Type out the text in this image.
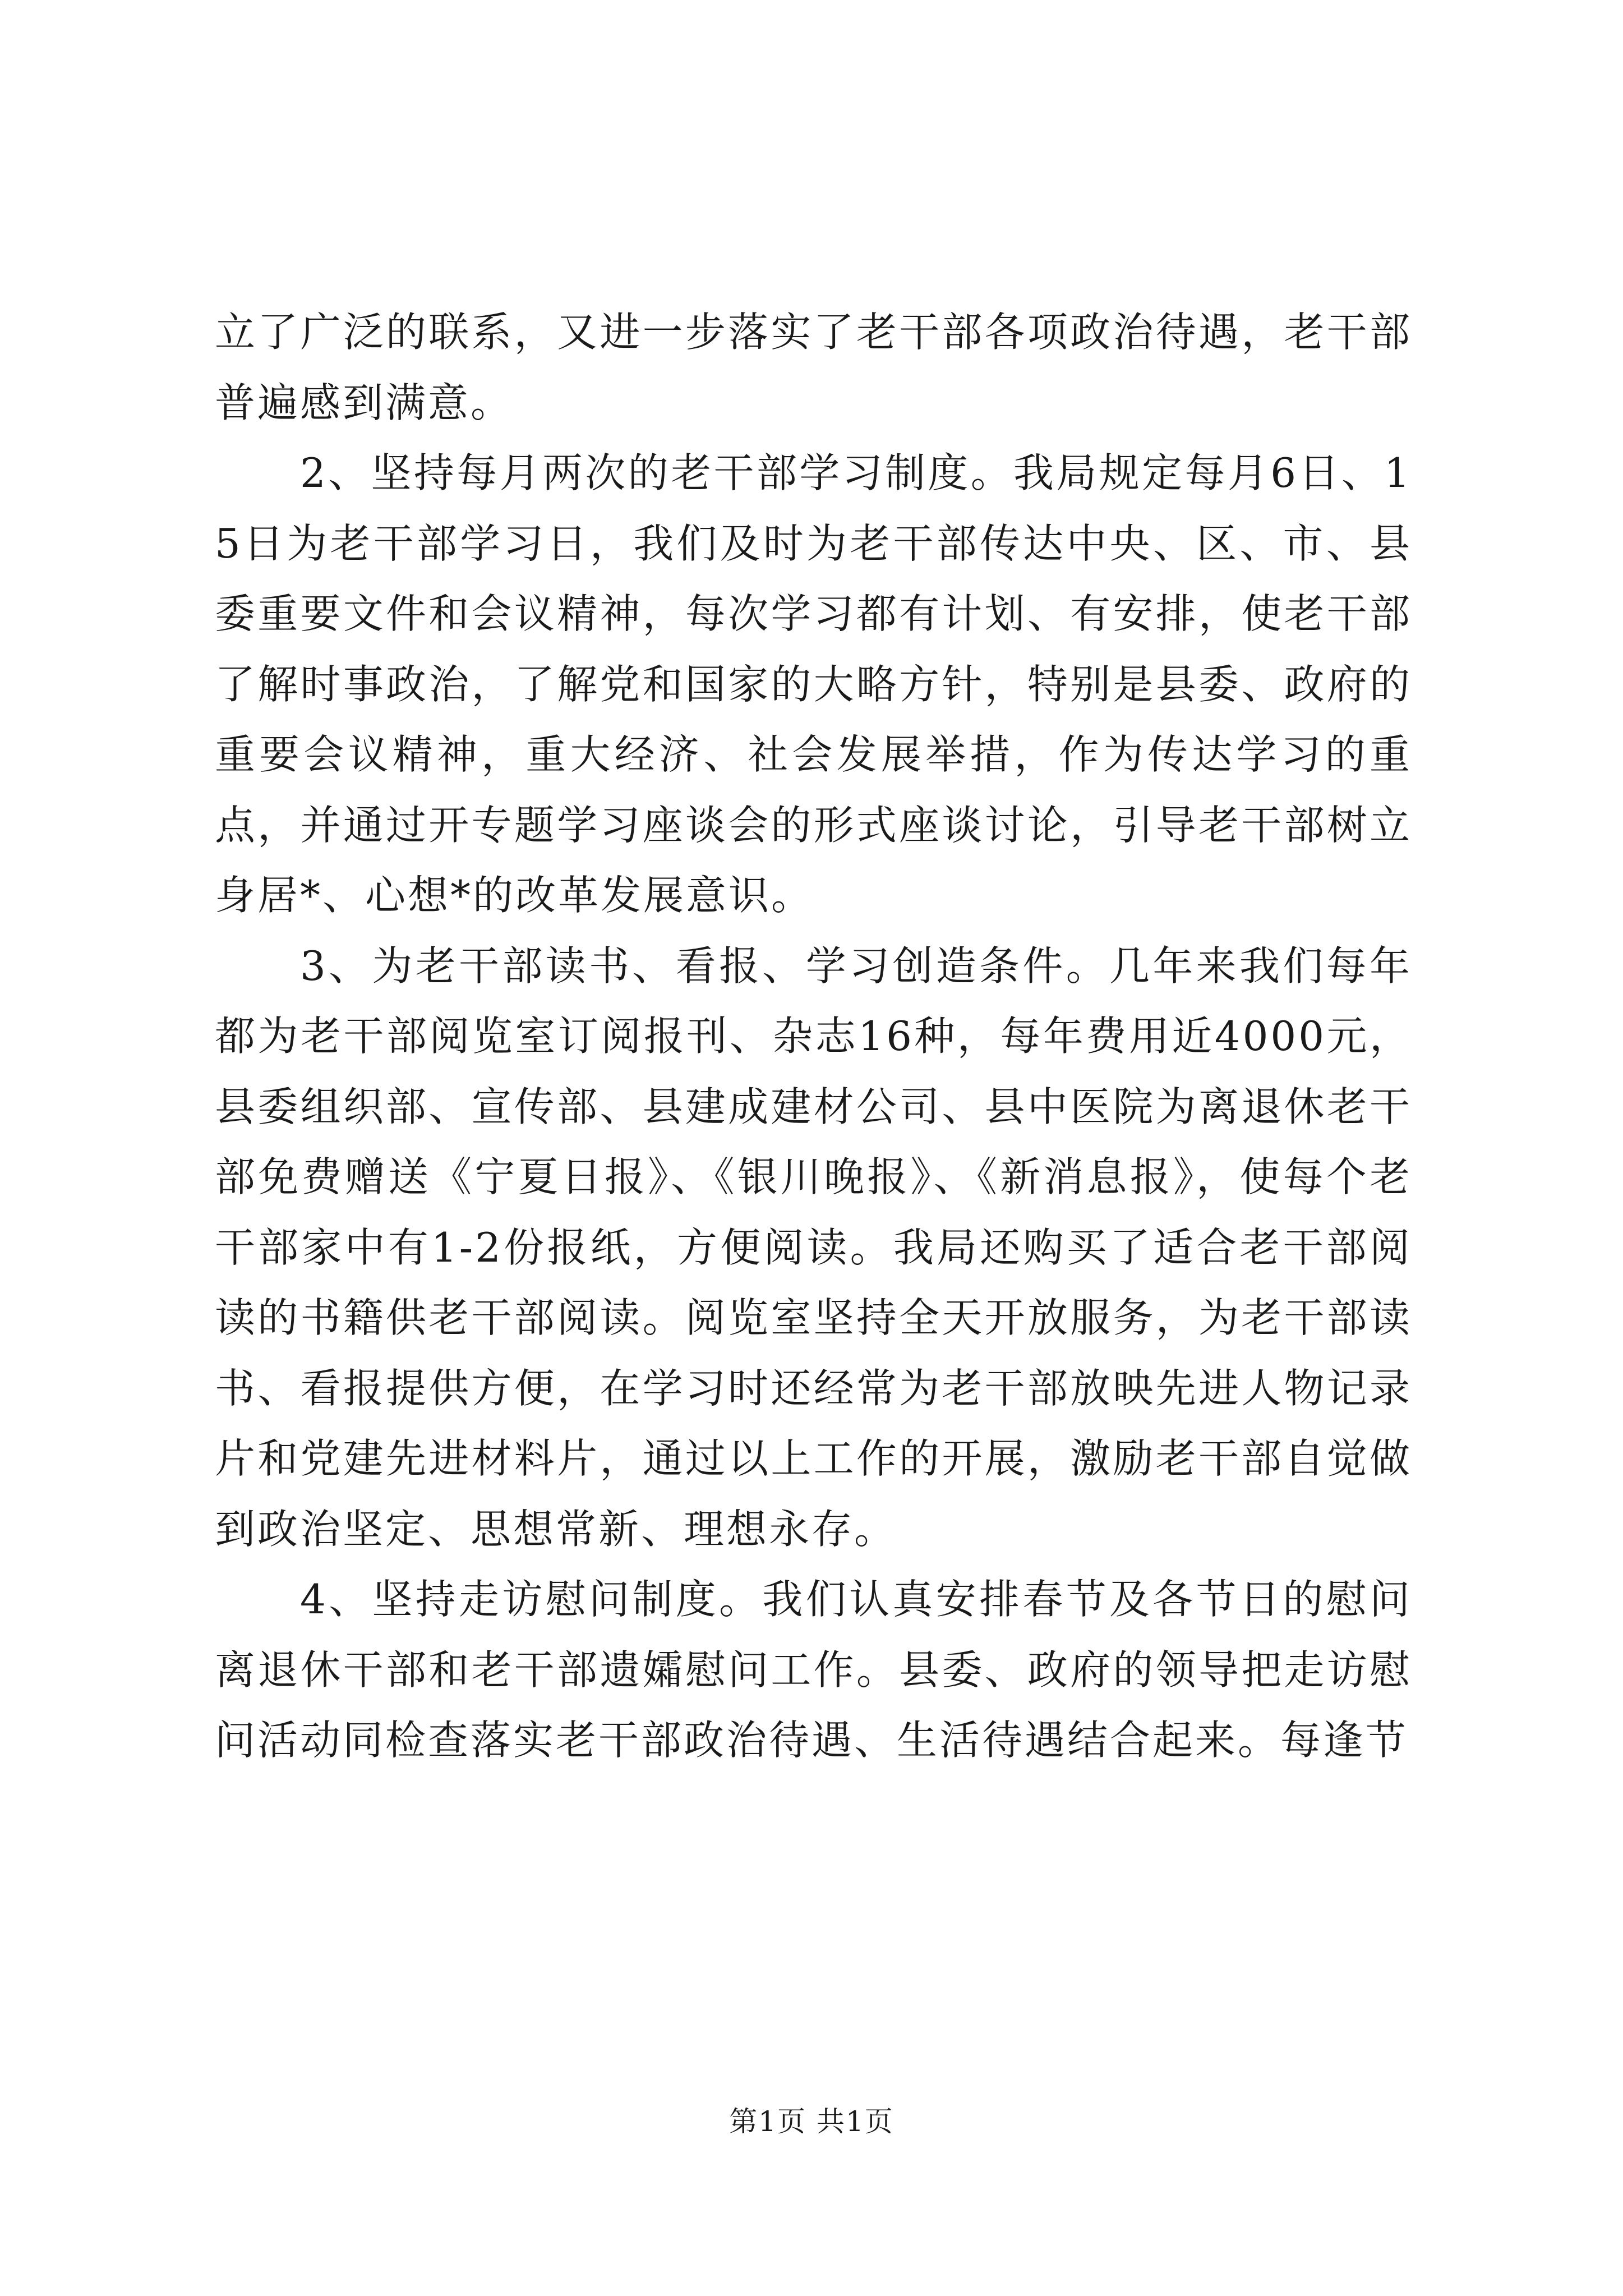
立了广泛的联系，又进一步落实了老干部各项政治待遇，老干部普遍感到满意。

2、坚持每月两次的老干部学习制度。我局规定每月6日、15日为老干部学习日，我们及时为老干部传达中央、区、市、县委重要文件和会议精神，每次学习都有计划、有安排，使老干部了解时事政治，了解党和国家的大略方针，特别是县委、政府的重要会议精神，重大经济、社会发展举措，作为传达学习的重点，并通过开专题学习座谈会的形式座谈讨论，引导老干部树立身居*、心想*的改革发展意识。

3、为老干部读书、看报、学习创造条件。几年来我们每年都为老干部阅览室订阅报刊、杂志16种，每年费用近4000元，县委组织部、宣传部、县建成建材公司、县中医院为离退休老干部免费赠送《宁夏日报》、《银川晚报》、《新消息报》，使每个老干部家中有1-2份报纸，方便阅读。我局还购买了适合老干部阅读的书籍供老干部阅读。阅览室坚持全天开放服务，为老干部读书、看报提供方便，在学习时还经常为老干部放映先进人物记录片和党建先进材料片，通过以上工作的开展，激励老干部自觉做到政治坚定、思想常新、理想永存。

4、坚持走访慰问制度。我们认真安排春节及各节日的慰问离退休干部和老干部遗孀慰问工作。县委、政府的领导把走访慰问活动同检查落实老干部政治待遇、生活待遇结合起来。每逢节

第1页 共1页
